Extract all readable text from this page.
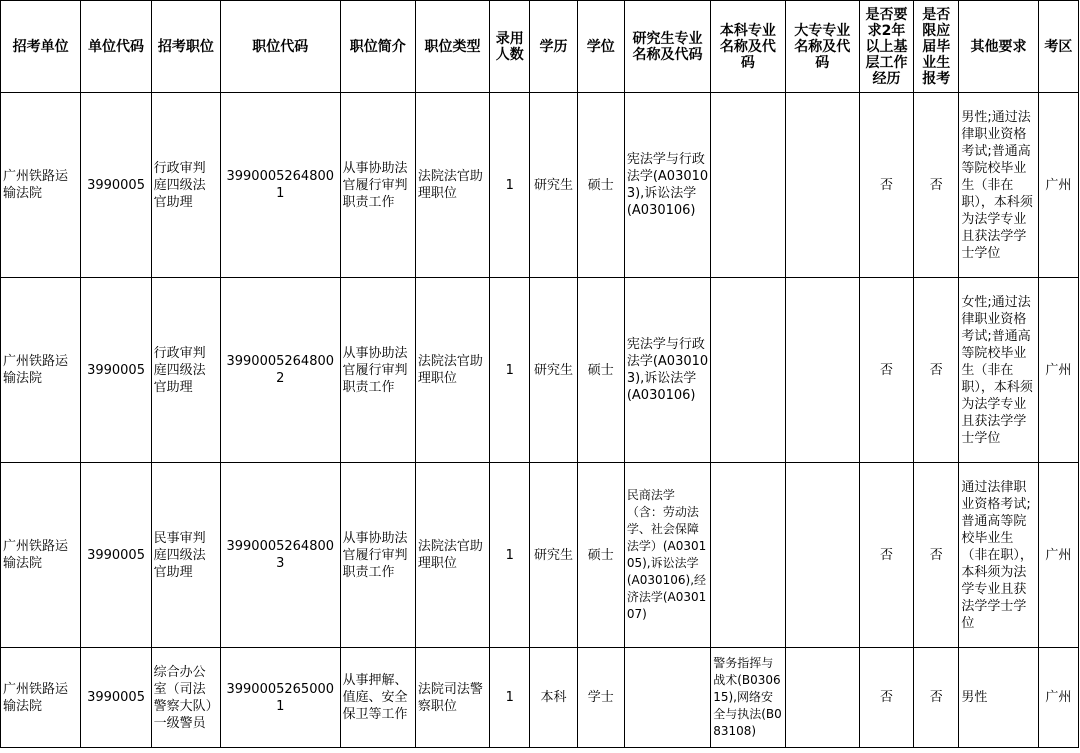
招考单位	单位代码	招考职位	职位代码	职位简介	职位类型	录用人数	学历	学位	研究生专业名称及代码	本科专业名称及代码	大专专业名称及代码	是否要求2年以上基层工作经历	是否限应届毕业生报考	其他要求	考区
广州铁路运输法院	3990005	行政审判庭四级法官助理	39900052648001	从事协助法官履行审判职责工作	法院法官助理职位	1	研究生	硕士	宪法学与行政法学(A030103),诉讼法学(A030106)			否	否	男性;通过法律职业资格考试;普通高等院校毕业生（非在职），本科须为法学专业且获法学学士学位	广州
广州铁路运输法院	3990005	行政审判庭四级法官助理	39900052648002	从事协助法官履行审判职责工作	法院法官助理职位	1	研究生	硕士	宪法学与行政法学(A030103),诉讼法学(A030106)			否	否	女性;通过法律职业资格考试;普通高等院校毕业生（非在职），本科须为法学专业且获法学学士学位	广州
广州铁路运输法院	3990005	民事审判庭四级法官助理	39900052648003	从事协助法官履行审判职责工作	法院法官助理职位	1	研究生	硕士	民商法学（含：劳动法学、社会保障法学）(A030105),诉讼法学(A030106),经济法学(A030107)			否	否	通过法律职业资格考试;普通高等院校毕业生（非在职），本科须为法学专业且获法学学士学位	广州
广州铁路运输法院	3990005	综合办公室（司法警察大队）一级警员	39900052650001	从事押解、值庭、安全保卫等工作	法院司法警察职位	1	本科	学士		警务指挥与战术(B030615),网络安全与执法(B083108)		否	否	男性	广州
